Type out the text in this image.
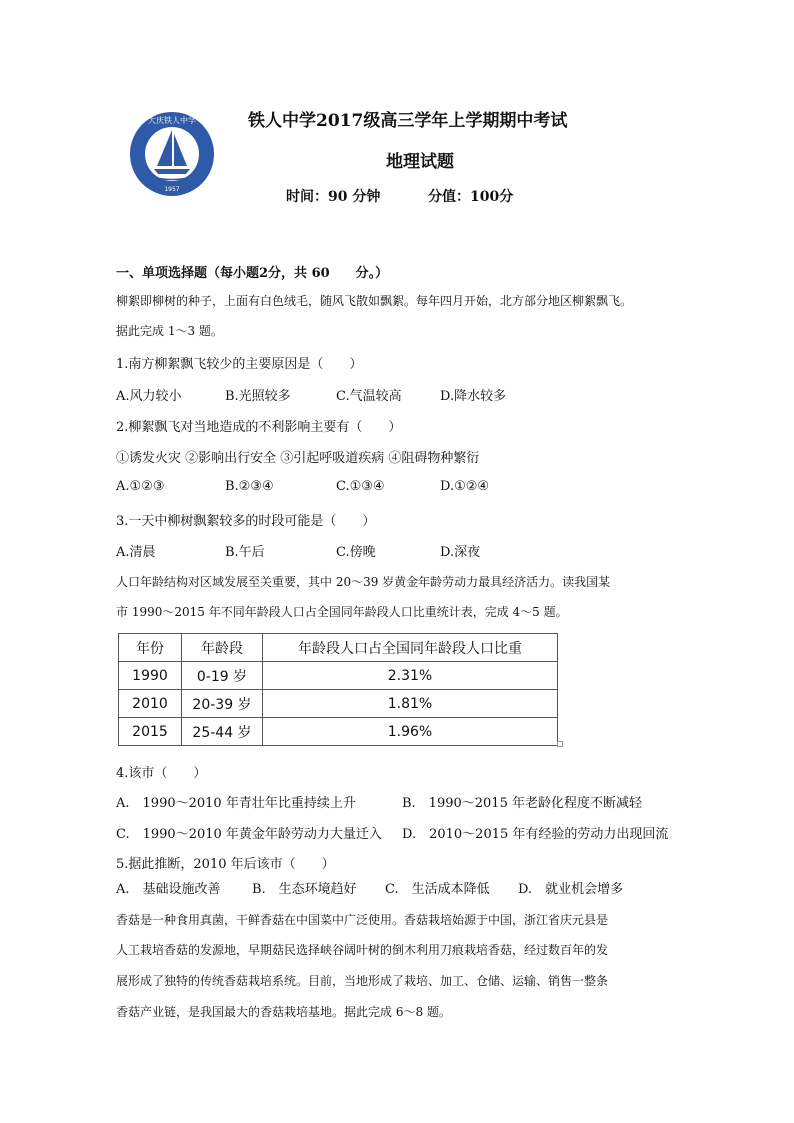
大庆铁人中学
1957
铁人中学2017级高三学年上学期期中考试
地理试题
时间：90 分钟	分值：100分
一、单项选择题（每小题2分，共 60　　分。）
柳絮即柳树的种子，上面有白色绒毛，随风飞散如飘絮。每年四月开始，北方部分地区柳絮飘飞。
据此完成 1～3 题。
1.南方柳絮飘飞较少的主要原因是（　　）
A.风力较小	B.光照较多	C.气温较高	D.降水较多
2.柳絮飘飞对当地造成的不利影响主要有（　　）
①诱发火灾 ②影响出行安全 ③引起呼吸道疾病 ④阻碍物种繁衍
A.①②③	B.②③④	C.①③④	D.①②④
3.一天中柳树飘絮较多的时段可能是（　　）
A.清晨	B.午后	C.傍晚	D.深夜
人口年龄结构对区域发展至关重要，其中 20～39 岁黄金年龄劳动力最具经济活力。读我国某
市 1990～2015 年不同年龄段人口占全国同年龄段人口比重统计表，完成 4～5 题。
年份	年龄段	年龄段人口占全国同年龄段人口比重
1990	0-19 岁	2.31%
2010	20-39 岁	1.81%
2015	25-44 岁	1.96%
4.该市（　　）
A.　1990～2010 年青壮年比重持续上升	B.　1990～2015 年老龄化程度不断减轻
C.　1990～2010 年黄金年龄劳动力大量迁入 D.　2010～2015 年有经验的劳动力出现回流
5.据此推断，2010 年后该市（　　）
A.　基础设施改善 B.　生态环境趋好 C.　生活成本降低 D.　就业机会增多
香菇是一种食用真菌，干鲜香菇在中国菜中广泛使用。香菇栽培始源于中国，浙江省庆元县是
人工栽培香菇的发源地，早期菇民选择峡谷阔叶树的倒木利用刀痕栽培香菇，经过数百年的发
展形成了独特的传统香菇栽培系统。目前，当地形成了栽培、加工、仓储、运输、销售一整条
香菇产业链，是我国最大的香菇栽培基地。据此完成 6～8 题。
